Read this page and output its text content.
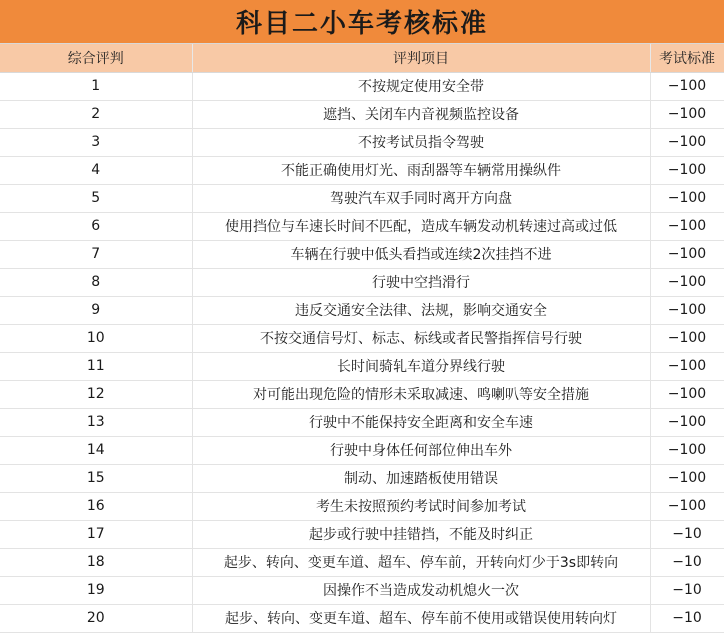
科目二小车考核标准
综合评判	评判项目	考试标准
1	不按规定使用安全带	−100
2	遮挡、关闭车内音视频监控设备	−100
3	不按考试员指令驾驶	−100
4	不能正确使用灯光、雨刮器等车辆常用操纵件	−100
5	驾驶汽车双手同时离开方向盘	−100
6	使用挡位与车速长时间不匹配，造成车辆发动机转速过高或过低	−100
7	车辆在行驶中低头看挡或连续2次挂挡不进	−100
8	行驶中空挡滑行	−100
9	违反交通安全法律、法规，影响交通安全	−100
10	不按交通信号灯、标志、标线或者民警指挥信号行驶	−100
11	长时间骑轧车道分界线行驶	−100
12	对可能出现危险的情形未采取减速、鸣喇叭等安全措施	−100
13	行驶中不能保持安全距离和安全车速	−100
14	行驶中身体任何部位伸出车外	−100
15	制动、加速踏板使用错误	−100
16	考生未按照预约考试时间参加考试	−100
17	起步或行驶中挂错挡，不能及时纠正	−10
18	起步、转向、变更车道、超车、停车前，开转向灯少于3s即转向	−10
19	因操作不当造成发动机熄火一次	−10
20	起步、转向、变更车道、超车、停车前不使用或错误使用转向灯	−10
